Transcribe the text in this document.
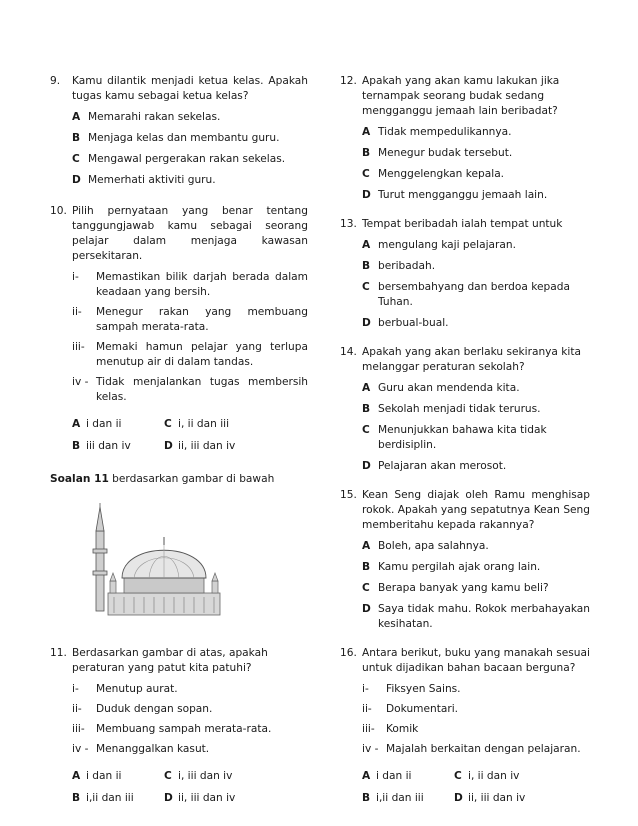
9. Kamu dilantik menjadi ketua kelas. Apakah tugas kamu sebagai ketua kelas?

A Memarahi rakan sekelas.
B Menjaga kelas dan membantu guru.
C Mengawal pergerakan rakan sekelas.
D Memerhati aktiviti guru.
10. Pilih pernyataan yang benar tentang tanggungjawab kamu sebagai seorang pelajar dalam menjaga kawasan persekitaran.

i- Memastikan bilik darjah berada dalam keadaan yang bersih.
ii- Menegur rakan yang membuang sampah merata-rata.
iii- Memaki hamun pelajar yang terlupa menutup air di dalam tandas.
iv - Tidak menjalankan tugas membersih kelas.
A i dan ii	C i, ii dan iii
B iii dan iv	D ii, iii dan iv
Soalan 11 berdasarkan gambar di bawah
11. Berdasarkan gambar di atas, apakah peraturan yang patut kita patuhi?

i- Menutup aurat.
ii- Duduk dengan sopan.
iii- Membuang sampah merata-rata.
iv - Menanggalkan kasut.
A i dan ii	C i, iii dan iv
B i,ii dan iii	D ii, iii dan iv
12. Apakah yang akan kamu lakukan jika ternampak seorang budak sedang mengganggu jemaah lain beribadat?

A Tidak mempedulikannya.
B Menegur budak tersebut.
C Menggelengkan kepala.
D Turut mengganggu jemaah lain.
13. Tempat beribadah ialah tempat untuk

A mengulang kaji pelajaran.
B beribadah.
C bersembahyang dan berdoa kepada Tuhan.
D berbual-bual.
14. Apakah yang akan berlaku sekiranya kita melanggar peraturan sekolah?

A Guru akan mendenda kita.
B Sekolah menjadi tidak terurus.
C Menunjukkan bahawa kita tidak berdisiplin.
D Pelajaran akan merosot.
15. Kean Seng diajak oleh Ramu menghisap rokok. Apakah yang sepatutnya Kean Seng memberitahu kepada rakannya?

A Boleh, apa salahnya.
B Kamu pergilah ajak orang lain.
C Berapa banyak yang kamu beli?
D Saya tidak mahu. Rokok merbahayakan kesihatan.
16. Antara berikut, buku yang manakah sesuai untuk dijadikan bahan bacaan berguna?

i- Fiksyen Sains.
ii- Dokumentari.
iii- Komik
iv - Majalah berkaitan dengan pelajaran.
A i dan ii	C i, ii dan iv
B i,ii dan iii	D ii, iii dan iv
